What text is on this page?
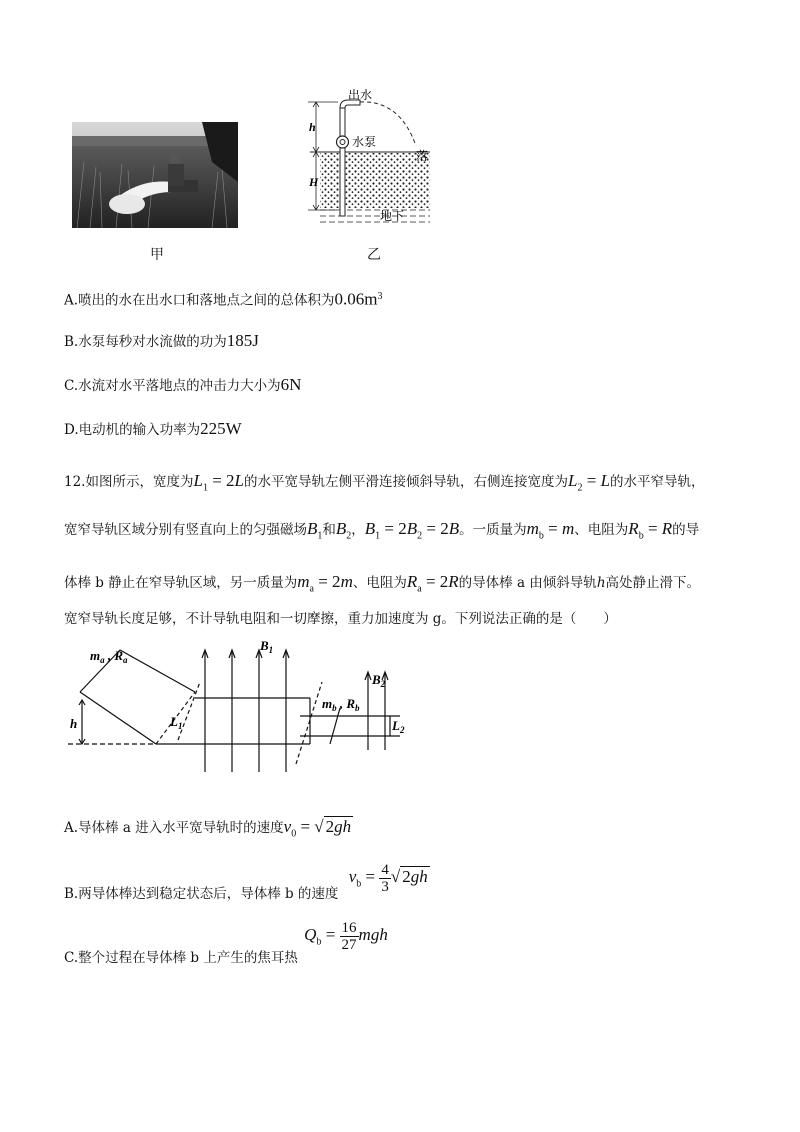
甲
h
H
出水
水泵
落
地下
乙
A.喷出的水在出水口和落地点之间的总体积为$0.06m^3$
B.水泵每秒对水流做的功为185J
C.水流对水平落地点的冲击力大小为6N
D.电动机的输入功率为225W
12.如图所示，宽度为$L_1 = 2L$的水平宽导轨左侧平滑连接倾斜导轨，右侧连接宽度为$L_2 = L$的水平窄导轨，
宽窄导轨区域分别有竖直向上的匀强磁场$B_1$和$B_2$，$B_1 = 2B_2 = 2B$。一质量为$m_b = m$、电阻为$R_b = R$的导
体棒 b 静止在窄导轨区域，另一质量为$m_a = 2m$、电阻为$R_a = 2R$的导体棒 a 由倾斜导轨h高处静止滑下。
宽窄导轨长度足够，不计导轨电阻和一切摩擦，重力加速度为 g。下列说法正确的是（　　）
$m_a$ , $R_a$
h	$L_1$
$B_1$
$m_b$ , $R_b$
$B_2$
$L_2$
A.导体棒 a 进入水平宽导轨时的速度$v_0$ = √ 2gh
B.两导体棒达到稳定状态后，导体棒 b 的速度 $v_b = \frac{4}{3}$ √ 2gh
C.整个过程在导体棒 b 上产生的焦耳热 $Q_b = \frac{16}{27}$ mgh
